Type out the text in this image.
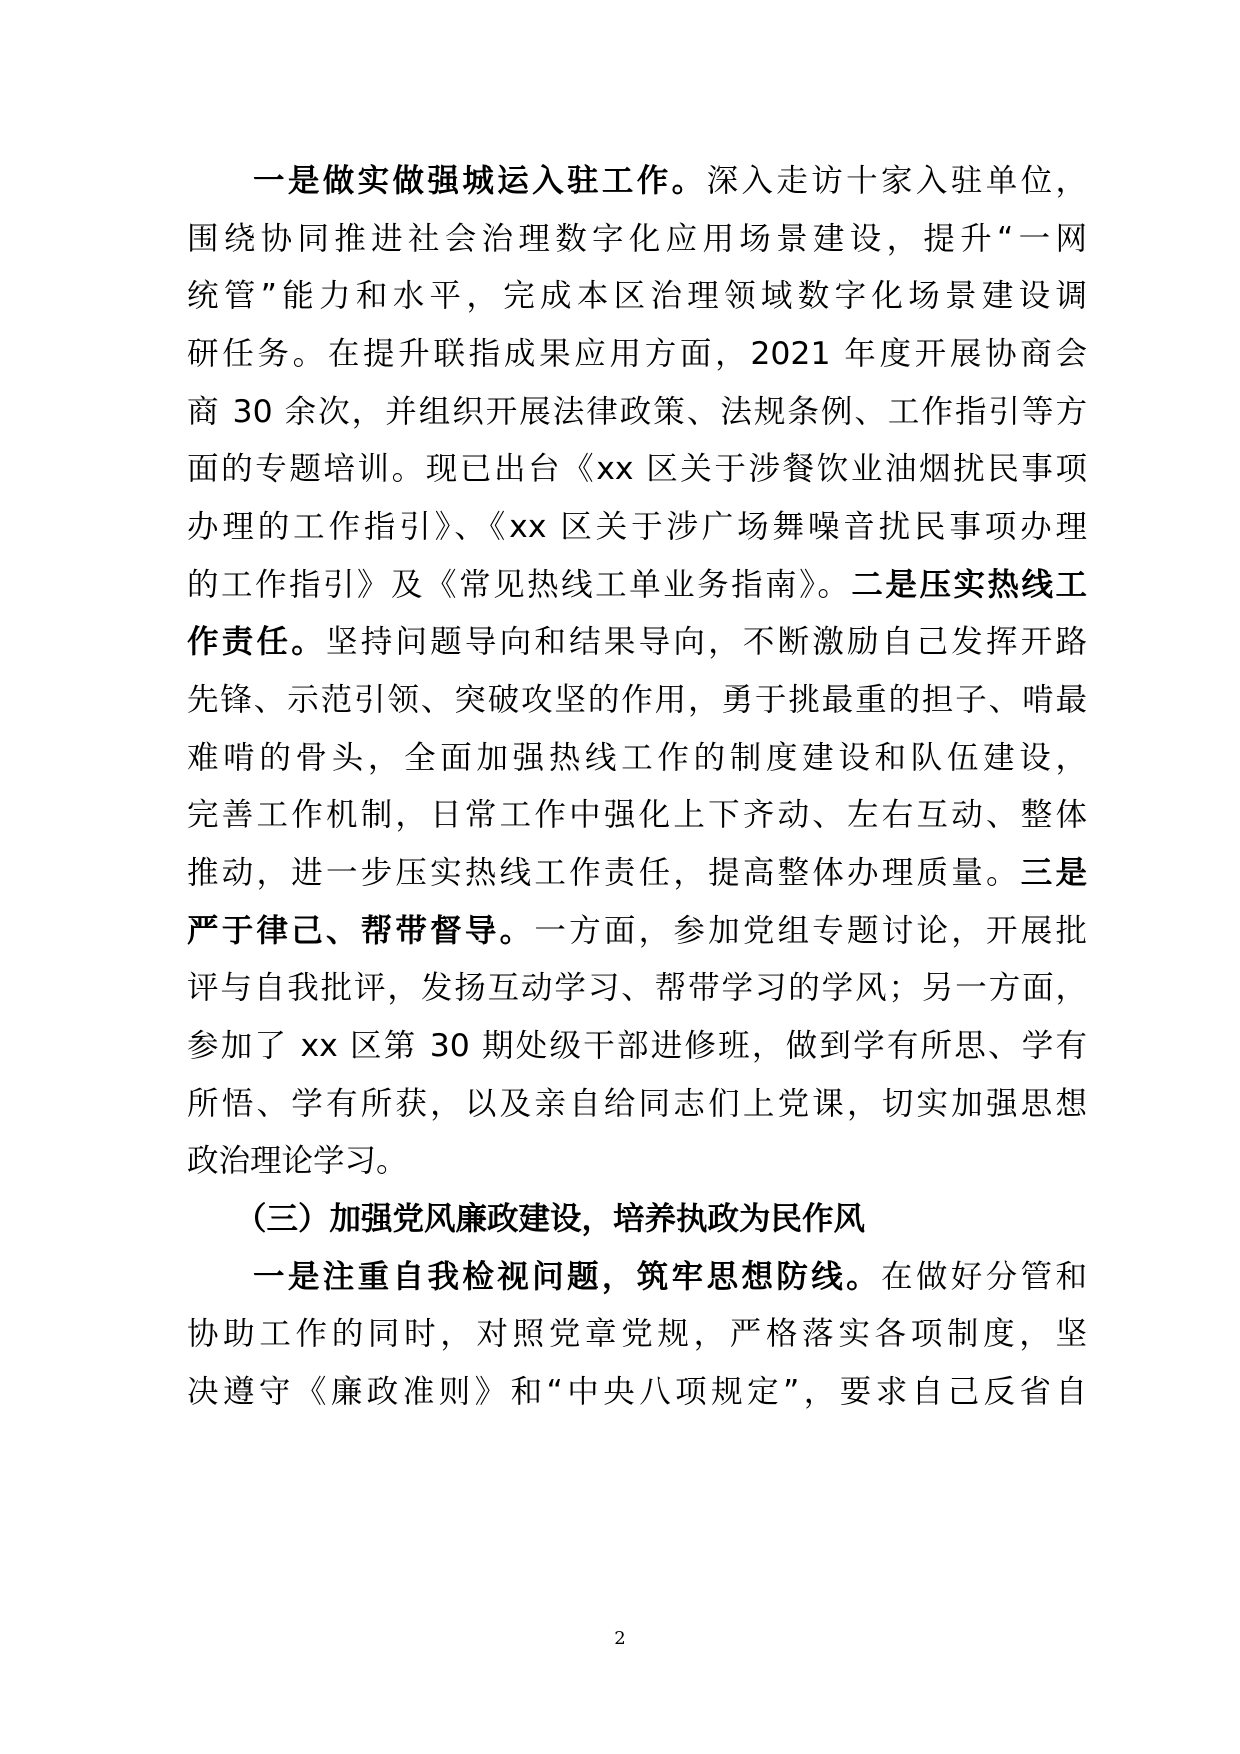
一是做实做强城运入驻工作。深入走访十家入驻单位，
围绕协同推进社会治理数字化应用场景建设，提升“一网
统管”能力和水平，完成本区治理领域数字化场景建设调
研任务。在提升联指成果应用方面，2021 年度开展协商会
商 30 余次，并组织开展法律政策、法规条例、工作指引等方
面的专题培训。现已出台《xx 区关于涉餐饮业油烟扰民事项
办理的工作指引》、《xx 区关于涉广场舞噪音扰民事项办理
的工作指引》及《常见热线工单业务指南》。二是压实热线工
作责任。坚持问题导向和结果导向，不断激励自己发挥开路
先锋、示范引领、突破攻坚的作用，勇于挑最重的担子、啃最
难啃的骨头，全面加强热线工作的制度建设和队伍建设，
完善工作机制，日常工作中强化上下齐动、左右互动、整体
推动，进一步压实热线工作责任，提高整体办理质量。三是
严于律己、帮带督导。一方面，参加党组专题讨论，开展批
评与自我批评，发扬互动学习、帮带学习的学风；另一方面，
参加了 xx 区第 30 期处级干部进修班，做到学有所思、学有
所悟、学有所获，以及亲自给同志们上党课，切实加强思想
政治理论学习。
（三）加强党风廉政建设，培养执政为民作风
一是注重自我检视问题，筑牢思想防线。在做好分管和
协助工作的同时，对照党章党规，严格落实各项制度，坚
决遵守《廉政准则》和“中央八项规定”，要求自己反省自
2
